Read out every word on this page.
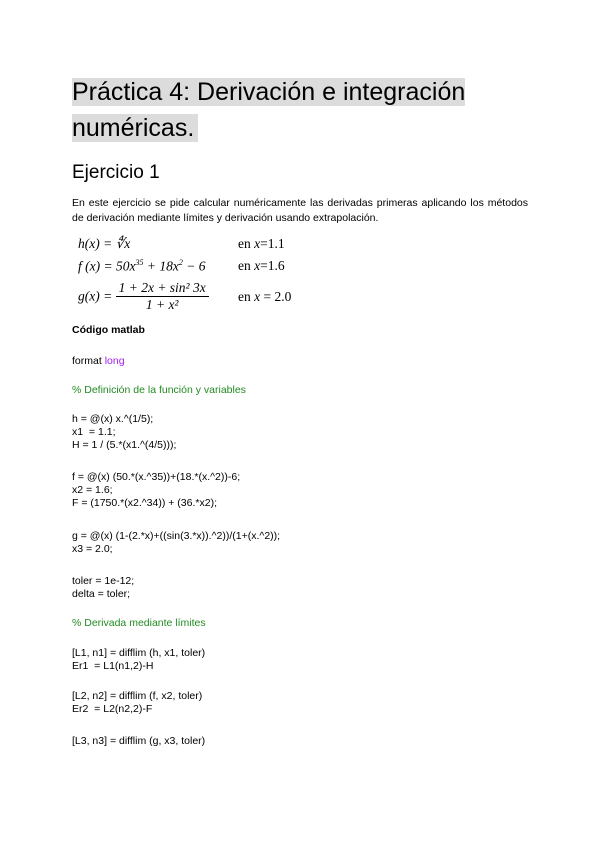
Práctica 4: Derivación e integración numéricas.
Ejercicio 1

En este ejercicio se pide calcular numéricamente las derivadas primeras aplicando los métodos de derivación mediante límites y derivación usando extrapolación.

h(x) = ∜x	en x=1.1
f $(x) = 50x^{35} + 18x^2 - 6$ en x=1.6
$g(x) = \frac{\text{1 + 2x + sin² 3x}}{\text{1 + x²}}$ en x = 2.0

Código matlab

format long

% Definición de la función y variables

h = @(x) x.^(1/5);
x1  = 1.1;
H = 1 / (5.*(x1.^(4/5)));

f = @(x) (50.*(x.^35))+(18.*(x.^2))-6;
x2 = 1.6;
F = (1750.*(x2.^34)) + (36.*x2);

g = @(x) (1-(2.*x)+((sin(3.*x)).^2))/(1+(x.^2));
x3 = 2.0;

toler = 1e-12;
delta = toler;

% Derivada mediante límites

[L1, n1] = difflim (h, x1, toler)
Er1  = L1(n1,2)-H

[L2, n2] = difflim (f, x2, toler)
Er2  = L2(n2,2)-F

[L3, n3] = difflim (g, x3, toler)
